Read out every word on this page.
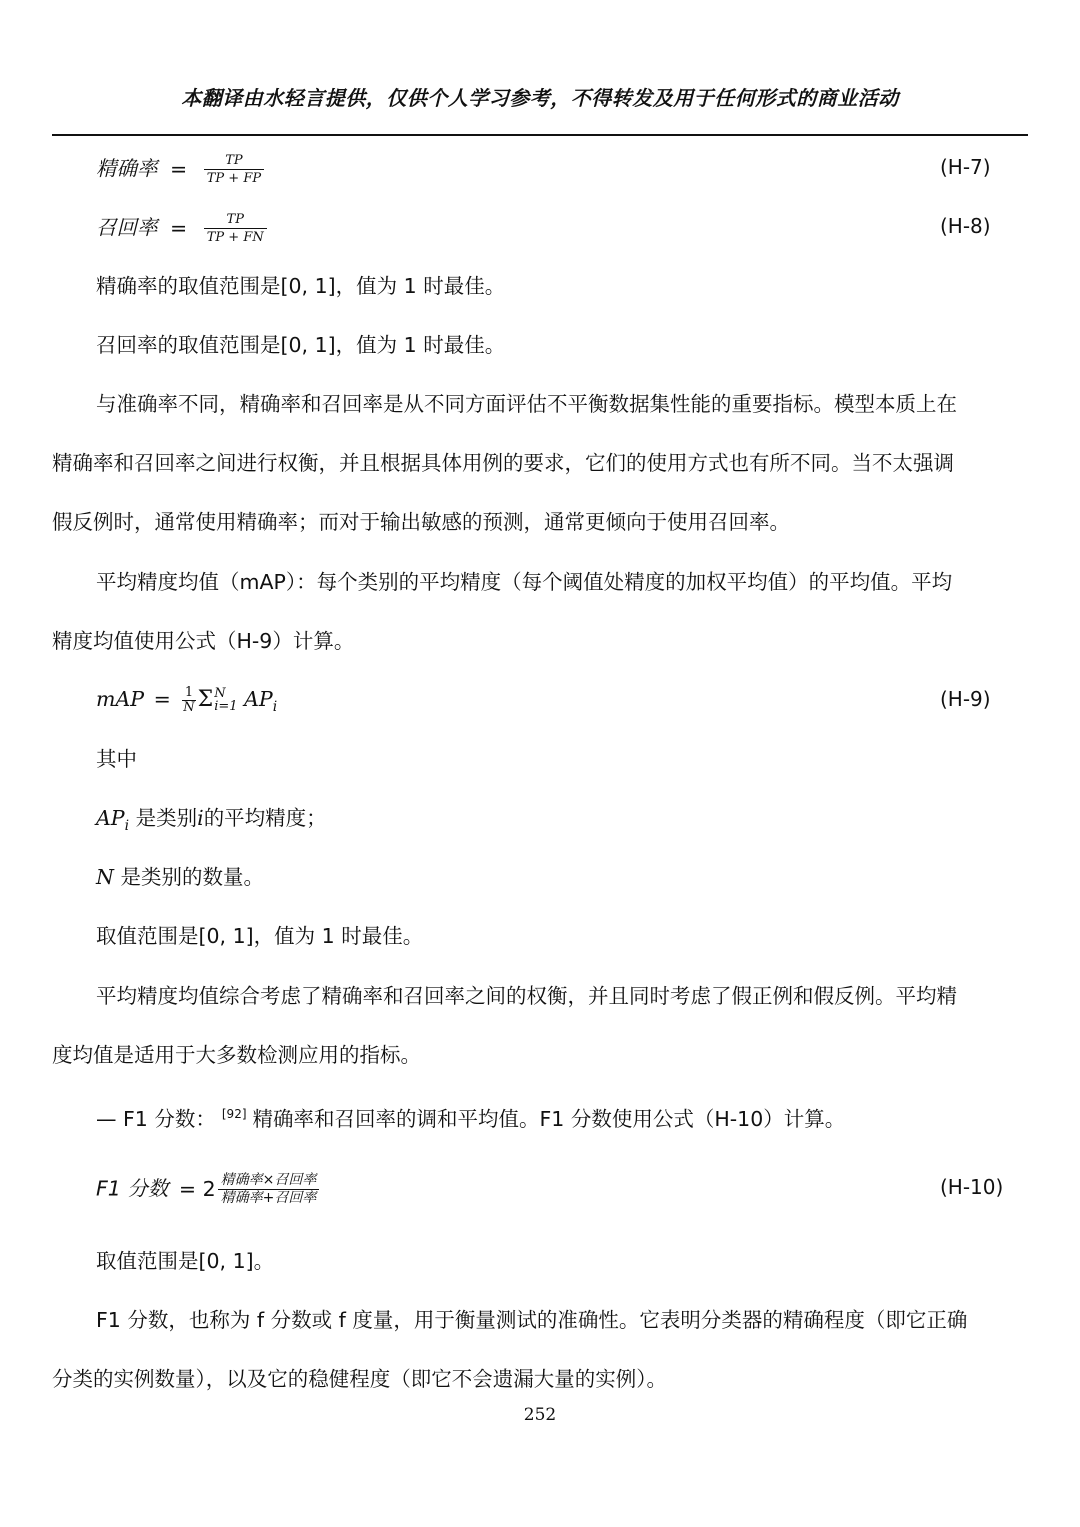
本翻译由水轻言提供，仅供个人学习参考，不得转发及用于任何形式的商业活动
精确率 = $\frac{TP}{TP + FP}$	(H-7)
召回率 = $\frac{TP}{TP + FN}$	(H-8)
精确率的取值范围是[0, 1]，值为 1 时最佳。
召回率的取值范围是[0, 1]，值为 1 时最佳。
与准确率不同，精确率和召回率是从不同方面评估不平衡数据集性能的重要指标。模型本质上在
精确率和召回率之间进行权衡，并且根据具体用例的要求，它们的使用方式也有所不同。当不太强调
假反例时，通常使用精确率；而对于输出敏感的预测，通常更倾向于使用召回率。
平均精度均值（mAP）：每个类别的平均精度（每个阈值处精度的加权平均值）的平均值。平均
精度均值使用公式（H-9）计算。
mAP = $\frac{1}{N}$ Σ N
i=1 $AP_i$	(H-9)
其中
$AP_i$ 是类别i的平均精度；
N 是类别的数量。
取值范围是[0, 1]，值为 1 时最佳。
平均精度均值综合考虑了精确率和召回率之间的权衡，并且同时考虑了假正例和假反例。平均精
度均值是适用于大多数检测应用的指标。
— F1 分数： [92] 精确率和召回率的调和平均值。F1 分数使用公式（H-10）计算。
F1 分数 = $2 \frac{\text{精确率×召回率}}{\text{精确率+召回率}}$	(H-10)
取值范围是[0, 1]。
F1 分数，也称为 f 分数或 f 度量，用于衡量测试的准确性。它表明分类器的精确程度（即它正确
分类的实例数量），以及它的稳健程度（即它不会遗漏大量的实例）。
252
